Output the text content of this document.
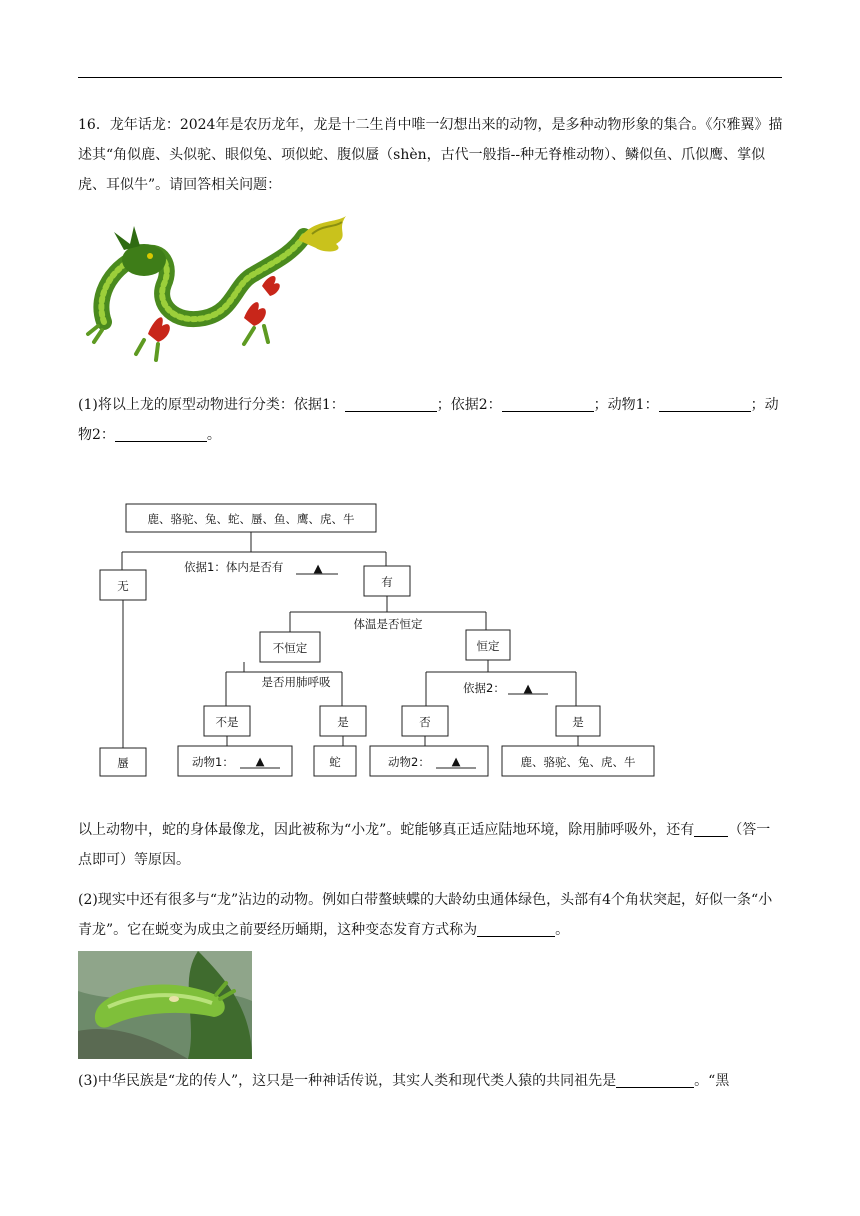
16．龙年话龙：2024年是农历龙年，龙是十二生肖中唯一幻想出来的动物，是多种动物形象的集合。《尔雅翼》描述其“角似鹿、头似驼、眼似兔、项似蛇、腹似蜃（shèn，古代一般指--种无脊椎动物）、鳞似鱼、爪似鹰、掌似虎、耳似牛”。请回答相关问题：

(1)将以上龙的原型动物进行分类：依据1：	；依据2：	；动物1：	；动物2：	。

鹿、骆驼、兔、蛇、蜃、鱼、鹰、虎、牛
依据1：体内是否有	▲
无	有
蜃
体温是否恒定
不恒定	恒定
是否用肺呼吸	依据2： ▲
不是	是	否	是
动物1： ▲	蛇	动物2： ▲	鹿、骆驼、兔、虎、牛

以上动物中，蛇的身体最像龙，因此被称为“小龙”。蛇能够真正适应陆地环境，除用肺呼吸外，还有 （答一点即可）等原因。

(2)现实中还有很多与“龙”沾边的动物。例如白带螯蛱蝶的大龄幼虫通体绿色，头部有4个角状突起，好似一条“小青龙”。它在蜕变为成虫之前要经历蛹期，这种变态发育方式称为	。

(3)中华民族是“龙的传人”，这只是一种神话传说，其实人类和现代类人猿的共同祖先是	。“黑
